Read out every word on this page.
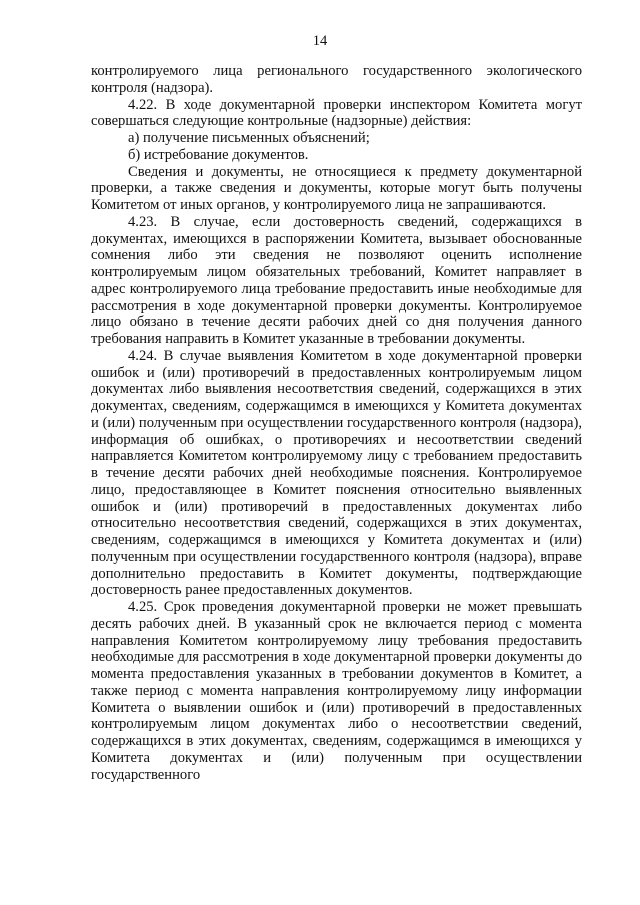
14

контролируемого лица регионального государственного экологического контроля (надзора).

4.22. В ходе документарной проверки инспектором Комитета могут совершаться следующие контрольные (надзорные) действия:

а) получение письменных объяснений;

б) истребование документов.

Сведения и документы, не относящиеся к предмету документарной проверки, а также сведения и документы, которые могут быть получены Комитетом от иных органов, у контролируемого лица не запрашиваются.

4.23. В случае, если достоверность сведений, содержащихся в документах, имеющихся в распоряжении Комитета, вызывает обоснованные сомнения либо эти сведения не позволяют оценить исполнение контролируемым лицом обязательных требований, Комитет направляет в адрес контролируемого лица требование предоставить иные необходимые для рассмотрения в ходе документарной проверки документы. Контролируемое лицо обязано в течение десяти рабочих дней со дня получения данного требования направить в Комитет указанные в требовании документы.

4.24. В случае выявления Комитетом в ходе документарной проверки ошибок и (или) противоречий в предоставленных контролируемым лицом документах либо выявления несоответствия сведений, содержащихся в этих документах, сведениям, содержащимся в имеющихся у Комитета документах и (или) полученным при осуществлении государственного контроля (надзора), информация об ошибках, о противоречиях и несоответствии сведений направляется Комитетом контролируемому лицу с требованием предоставить в течение десяти рабочих дней необходимые пояснения. Контролируемое лицо, предоставляющее в Комитет пояснения относительно выявленных ошибок и (или) противоречий в предоставленных документах либо относительно несоответствия сведений, содержащихся в этих документах, сведениям, содержащимся в имеющихся у Комитета документах и (или) полученным при осуществлении государственного контроля (надзора), вправе дополнительно предоставить в Комитет документы, подтверждающие достоверность ранее предоставленных документов.

4.25. Срок проведения документарной проверки не может превышать десять рабочих дней. В указанный срок не включается период с момента направления Комитетом контролируемому лицу требования предоставить необходимые для рассмотрения в ходе документарной проверки документы до момента предоставления указанных в требовании документов в Комитет, а также период с момента направления контролируемому лицу информации Комитета о выявлении ошибок и (или) противоречий в предоставленных контролируемым лицом документах либо о несоответствии сведений, содержащихся в этих документах, сведениям, содержащимся в имеющихся у Комитета документах и (или) полученным при осуществлении государственного
